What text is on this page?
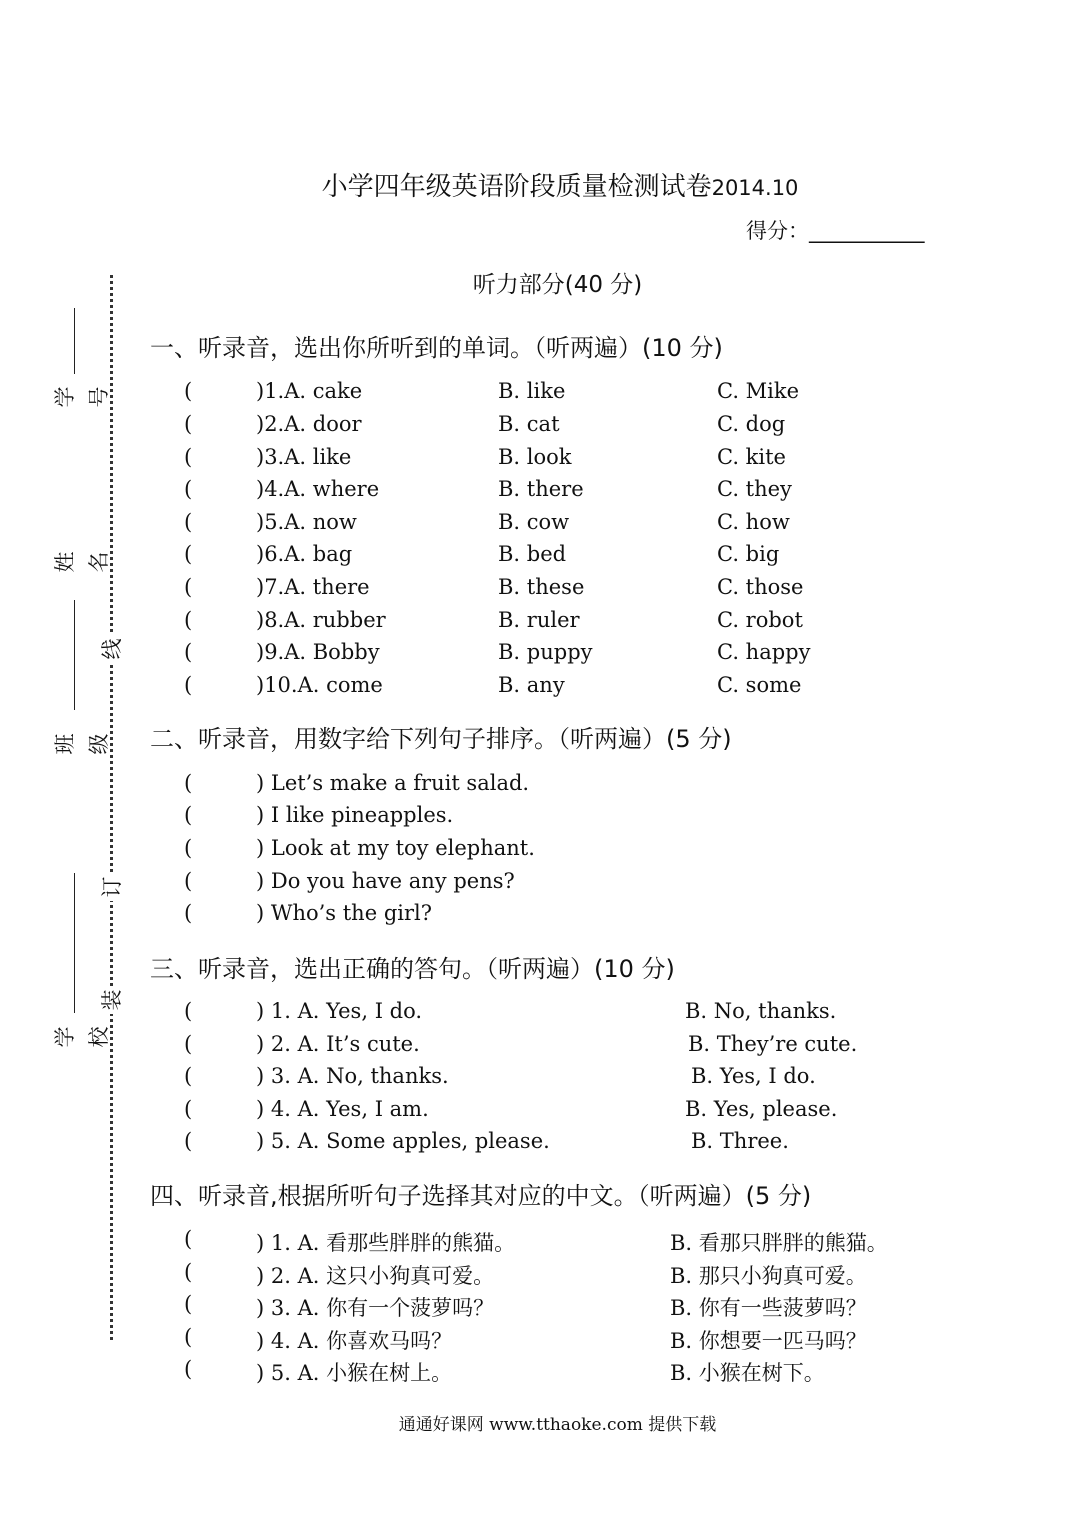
小学四年级英语阶段质量检测试卷2014.10
得分：___________
听力部分(40 分)
学号
姓名
班级
学校
线
订
装
一、听录音，选出你所听到的单词。（听两遍）(10 分)
(	)1.A. cake	B. like	C. Mike
(	)2.A. door	B. cat	C. dog
(	)3.A. like	B. look	C. kite
(	)4.A. where	B. there	C. they
(	)5.A. now	B. cow	C. how
(	)6.A. bag	B. bed	C. big
(	)7.A. there	B. these	C. those
(	)8.A. rubber	B. ruler	C. robot
(	)9.A. Bobby	B. puppy	C. happy
(	)10.A. come	B. any	C. some
二、听录音，用数字给下列句子排序。（听两遍）(5 分)
(	) Let’s make a fruit salad.
(	) I like pineapples.
(	) Look at my toy elephant.
(	) Do you have any pens?
(	) Who’s the girl?
三、听录音，选出正确的答句。（听两遍）(10 分)
(	) 1. A. Yes, I do.	B. No, thanks.
(	) 2. A. It’s cute.	B. They’re cute.
(	) 3. A. No, thanks.	B. Yes, I do.
(	) 4. A. Yes, I am.	B. Yes, please.
(	) 5. A. Some apples, please.	B. Three.
四、听录音,根据所听句子选择其对应的中文。（听两遍）(5 分)
(	) 1. A. 看那些胖胖的熊猫。	B. 看那只胖胖的熊猫。
(	) 2. A. 这只小狗真可爱。	B. 那只小狗真可爱。
(	) 3. A. 你有一个菠萝吗？	B. 你有一些菠萝吗？
(	) 4. A. 你喜欢马吗？	B. 你想要一匹马吗？
(	) 5. A. 小猴在树上。	B. 小猴在树下。
通通好课网 www.tthaoke.com 提供下载
